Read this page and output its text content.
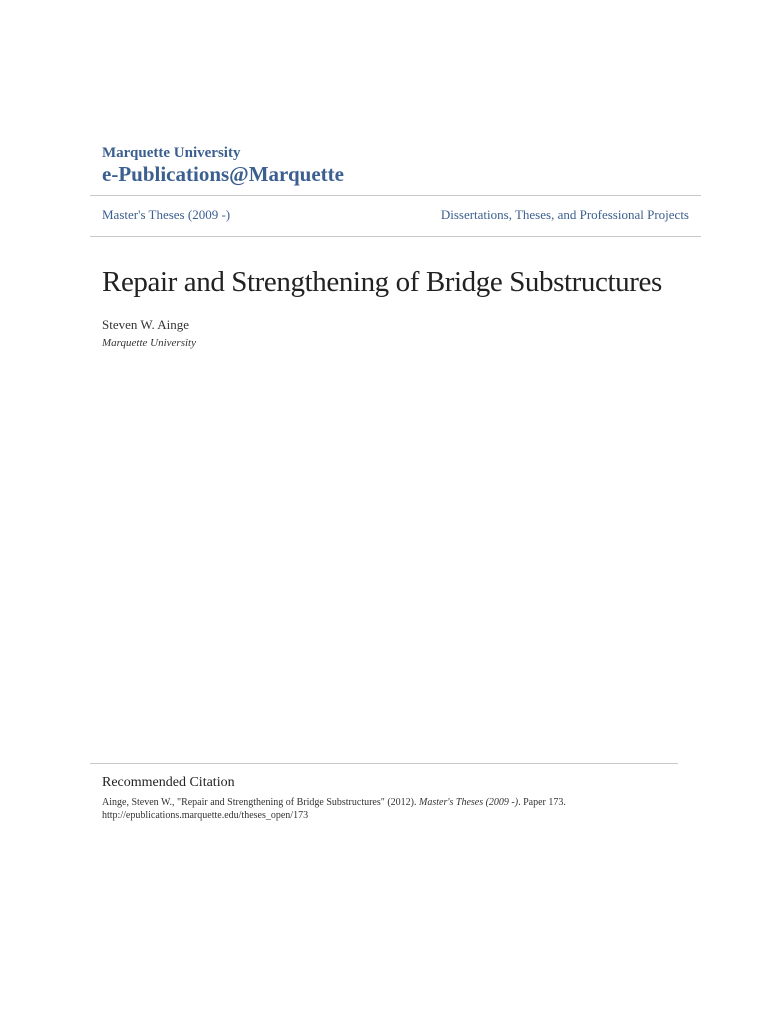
Marquette University
e-Publications@Marquette
Master's Theses (2009 -)	Dissertations, Theses, and Professional Projects
Repair and Strengthening of Bridge Substructures
Steven W. Ainge
Marquette University
Recommended Citation
Ainge, Steven W., "Repair and Strengthening of Bridge Substructures" (2012). Master's Theses (2009 -). Paper 173.
http://epublications.marquette.edu/theses_open/173
